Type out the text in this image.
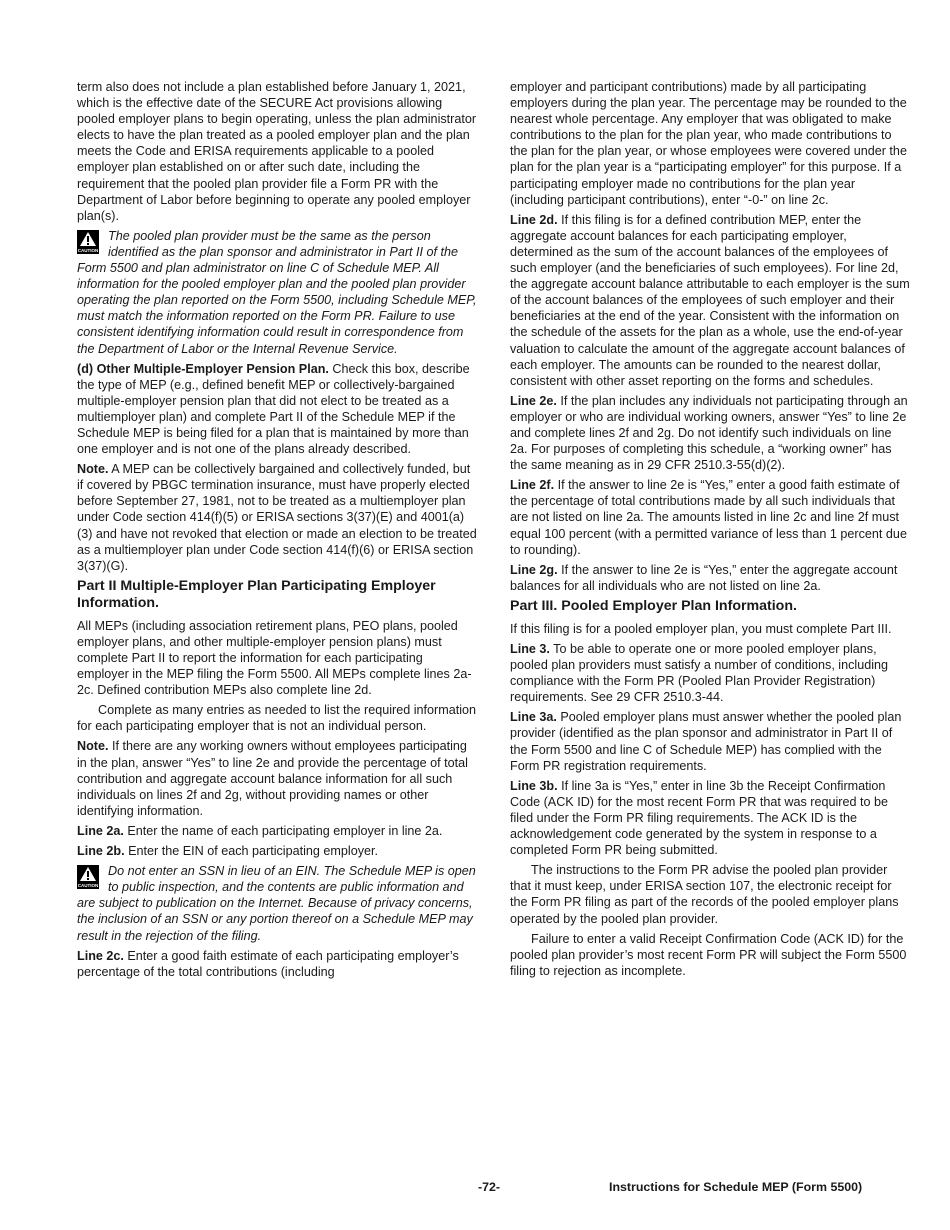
term also does not include a plan established before January 1, 2021, which is the effective date of the SECURE Act provisions allowing pooled employer plans to begin operating, unless the plan administrator elects to have the plan treated as a pooled employer plan and the plan meets the Code and ERISA requirements applicable to a pooled employer plan established on or after such date, including the requirement that the pooled plan provider file a Form PR with the Department of Labor before beginning to operate any pooled employer plan(s).

CAUTION
The pooled plan provider must be the same as the person identified as the plan sponsor and administrator in Part II of the Form 5500 and plan administrator on line C of Schedule MEP. All information for the pooled employer plan and the pooled plan provider operating the plan reported on the Form 5500, including Schedule MEP, must match the information reported on the Form PR. Failure to use consistent identifying information could result in correspondence from the Department of Labor or the Internal Revenue Service.

(d) Other Multiple-Employer Pension Plan. Check this box, describe the type of MEP (e.g., defined benefit MEP or collectively-bargained multiple-employer pension plan that did not elect to be treated as a multiemployer plan) and complete Part II of the Schedule MEP if the Schedule MEP is being filed for a plan that is maintained by more than one employer and is not one of the plans already described.

Note. A MEP can be collectively bargained and collectively funded, but if covered by PBGC termination insurance, must have properly elected before September 27, 1981, not to be treated as a multiemployer plan under Code section 414(f)(5) or ERISA sections 3(37)(E) and 4001(a)(3) and have not revoked that election or made an election to be treated as a multiemployer plan under Code section 414(f)(6) or ERISA section 3(37)(G).

Part II Multiple-Employer Plan Participating Employer Information.

All MEPs (including association retirement plans, PEO plans, pooled employer plans, and other multiple-employer pension plans) must complete Part II to report the information for each participating employer in the MEP filing the Form 5500. All MEPs complete lines 2a-2c. Defined contribution MEPs also complete line 2d.

Complete as many entries as needed to list the required information for each participating employer that is not an individual person.

Note. If there are any working owners without employees participating in the plan, answer “Yes” to line 2e and provide the percentage of total contribution and aggregate account balance information for all such individuals on lines 2f and 2g, without providing names or other identifying information.

Line 2a. Enter the name of each participating employer in line 2a.

Line 2b. Enter the EIN of each participating employer.

CAUTION
Do not enter an SSN in lieu of an EIN. The Schedule MEP is open to public inspection, and the contents are public information and are subject to publication on the Internet. Because of privacy concerns, the inclusion of an SSN or any portion thereof on a Schedule MEP may result in the rejection of the filing.

Line 2c. Enter a good faith estimate of each participating employer’s percentage of the total contributions (including

employer and participant contributions) made by all participating employers during the plan year. The percentage may be rounded to the nearest whole percentage. Any employer that was obligated to make contributions to the plan for the plan year, who made contributions to the plan for the plan year, or whose employees were covered under the plan for the plan year is a “participating employer” for this purpose. If a participating employer made no contributions for the plan year (including participant contributions), enter “-0-” on line 2c.

Line 2d. If this filing is for a defined contribution MEP, enter the aggregate account balances for each participating employer, determined as the sum of the account balances of the employees of such employer (and the beneficiaries of such employees). For line 2d, the aggregate account balance attributable to each employer is the sum of the account balances of the employees of such employer and their beneficiaries at the end of the year. Consistent with the information on the schedule of the assets for the plan as a whole, use the end-of-year valuation to calculate the amount of the aggregate account balances of each employer. The amounts can be rounded to the nearest dollar, consistent with other asset reporting on the forms and schedules.

Line 2e. If the plan includes any individuals not participating through an employer or who are individual working owners, answer “Yes” to line 2e and complete lines 2f and 2g. Do not identify such individuals on line 2a. For purposes of completing this schedule, a “working owner” has the same meaning as in 29 CFR 2510.3-55(d)(2).

Line 2f. If the answer to line 2e is “Yes,” enter a good faith estimate of the percentage of total contributions made by all such individuals that are not listed on line 2a. The amounts listed in line 2c and line 2f must equal 100 percent (with a permitted variance of less than 1 percent due to rounding).

Line 2g. If the answer to line 2e is “Yes,” enter the aggregate account balances for all individuals who are not listed on line 2a.

Part III. Pooled Employer Plan Information.

If this filing is for a pooled employer plan, you must complete Part III.

Line 3. To be able to operate one or more pooled employer plans, pooled plan providers must satisfy a number of conditions, including compliance with the Form PR (Pooled Plan Provider Registration) requirements. See 29 CFR 2510.3-44.

Line 3a. Pooled employer plans must answer whether the pooled plan provider (identified as the plan sponsor and administrator in Part II of the Form 5500 and line C of Schedule MEP) has complied with the Form PR registration requirements.

Line 3b. If line 3a is “Yes,” enter in line 3b the Receipt Confirmation Code (ACK ID) for the most recent Form PR that was required to be filed under the Form PR filing requirements. The ACK ID is the acknowledgement code generated by the system in response to a completed Form PR being submitted.

The instructions to the Form PR advise the pooled plan provider that it must keep, under ERISA section 107, the electronic receipt for the Form PR filing as part of the records of the pooled employer plans operated by the pooled plan provider.

Failure to enter a valid Receipt Confirmation Code (ACK ID) for the pooled plan provider’s most recent Form PR will subject the Form 5500 filing to rejection as incomplete.

-72-	Instructions for Schedule MEP (Form 5500)
